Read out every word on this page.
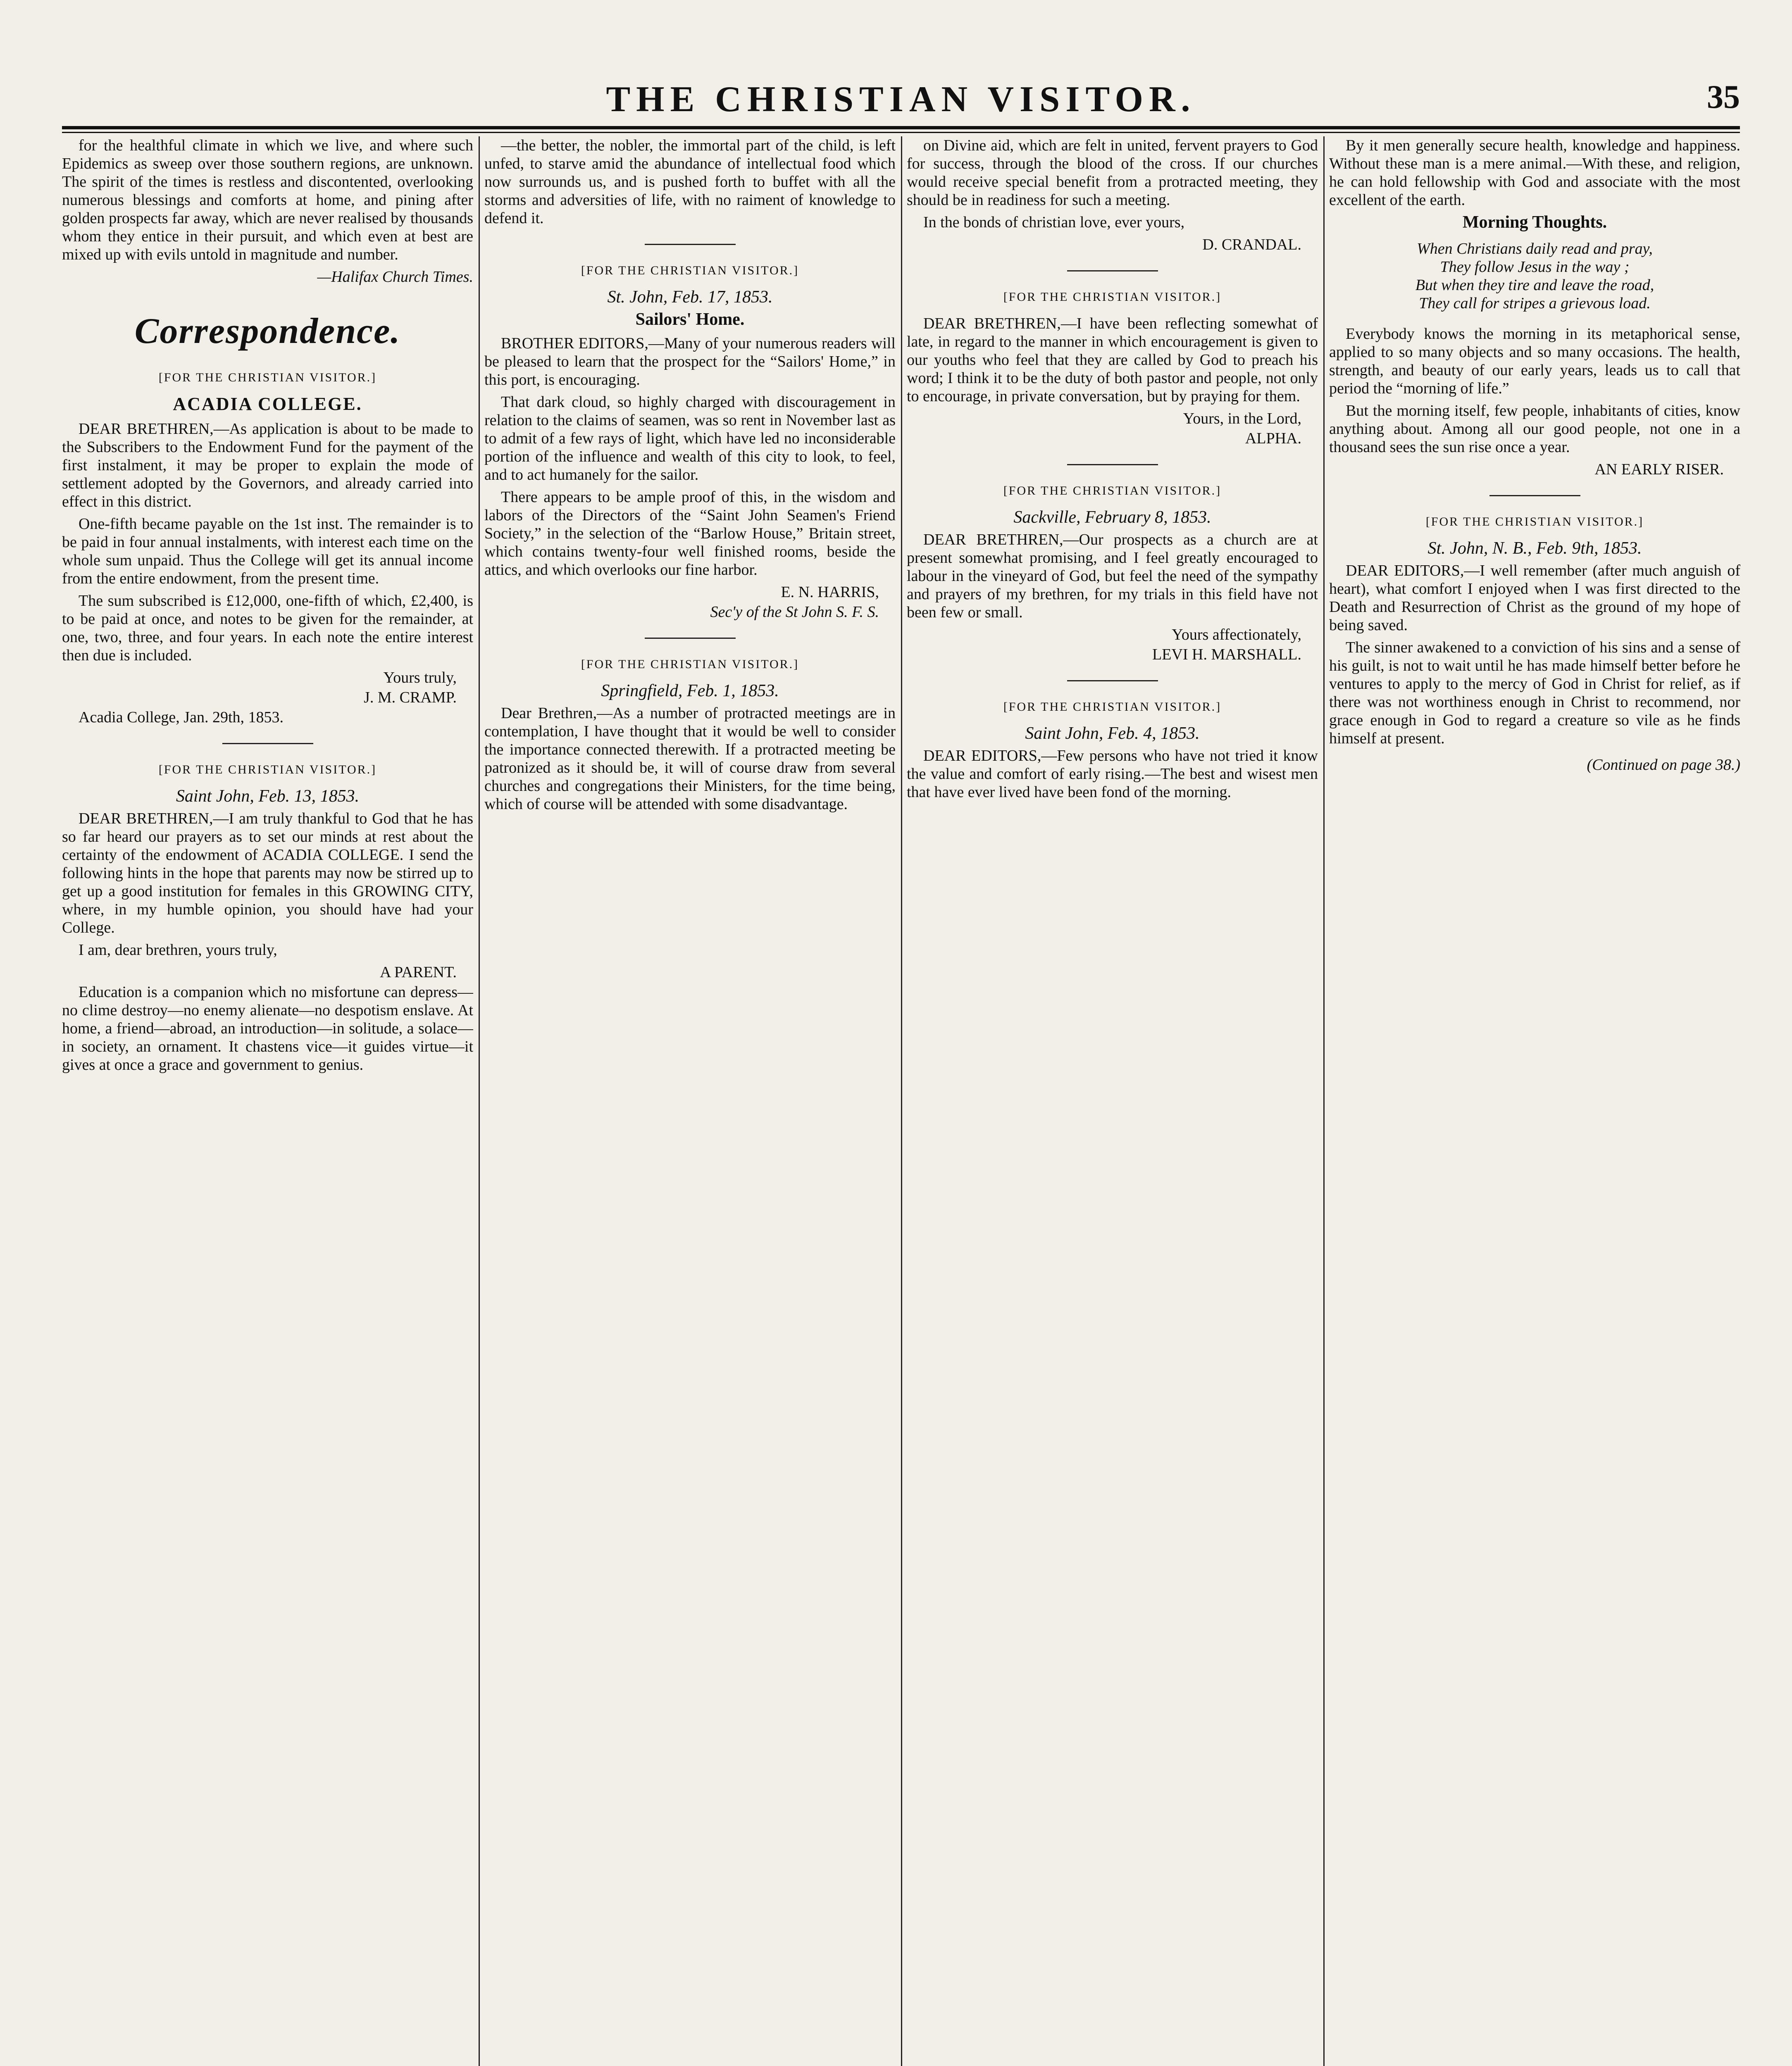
THE CHRISTIAN VISITOR.	35

for the healthful climate in which we live, and where such Epidemics as sweep over those southern regions, are unknown. The spirit of the times is restless and discontented, overlooking numerous blessings and comforts at home, and pining after golden prospects far away, which are never realised by thousands whom they entice in their pursuit, and which even at best are mixed up with evils untold in magnitude and number.

—Halifax Church Times.
Correspondence.
[FOR THE CHRISTIAN VISITOR.]
ACADIA COLLEGE.

DEAR BRETHREN,—As application is about to be made to the Subscribers to the Endowment Fund for the payment of the first instalment, it may be proper to explain the mode of settlement adopted by the Governors, and already carried into effect in this district.

One-fifth became payable on the 1st inst. The remainder is to be paid in four annual instalments, with interest each time on the whole sum unpaid. Thus the College will get its annual income from the entire endowment, from the present time.

The sum subscribed is £12,000, one-fifth of which, £2,400, is to be paid at once, and notes to be given for the remainder, at one, two, three, and four years. In each note the entire interest then due is included.

Yours truly,
J. M. CRAMP.

Acadia College, Jan. 29th, 1853.

[FOR THE CHRISTIAN VISITOR.]
Saint John, Feb. 13, 1853.

DEAR BRETHREN,—I am truly thankful to God that he has so far heard our prayers as to set our minds at rest about the certainty of the endowment of ACADIA COLLEGE. I send the following hints in the hope that parents may now be stirred up to get up a good institution for females in this GROWING CITY, where, in my humble opinion, you should have had your College.

I am, dear brethren, yours truly,

A PARENT.

Education is a companion which no misfortune can depress—no clime destroy—no enemy alienate—no despotism enslave. At home, a friend—abroad, an introduction—in solitude, a solace—in society, an ornament. It chastens vice—it guides virtue—it gives at once a grace and government to genius.

—the better, the nobler, the immortal part of the child, is left unfed, to starve amid the abundance of intellectual food which now surrounds us, and is pushed forth to buffet with all the storms and adversities of life, with no raiment of knowledge to defend it.

[FOR THE CHRISTIAN VISITOR.]
St. John, Feb. 17, 1853.
Sailors' Home.

BROTHER EDITORS,—Many of your numerous readers will be pleased to learn that the prospect for the “Sailors' Home,” in this port, is encouraging.

That dark cloud, so highly charged with discouragement in relation to the claims of seamen, was so rent in November last as to admit of a few rays of light, which have led no inconsiderable portion of the influence and wealth of this city to look, to feel, and to act humanely for the sailor.

There appears to be ample proof of this, in the wisdom and labors of the Directors of the “Saint John Seamen's Friend Society,” in the selection of the “Barlow House,” Britain street, which contains twenty-four well finished rooms, beside the attics, and which overlooks our fine harbor.

E. N. HARRIS,
Sec'y of the St John S. F. S.
[FOR THE CHRISTIAN VISITOR.]
Springfield, Feb. 1, 1853.

Dear Brethren,—As a number of protracted meetings are in contemplation, I have thought that it would be well to consider the importance connected therewith. If a protracted meeting be patronized as it should be, it will of course draw from several churches and congregations their Ministers, for the time being, which of course will be attended with some disadvantage.

on Divine aid, which are felt in united, fervent prayers to God for success, through the blood of the cross. If our churches would receive special benefit from a protracted meeting, they should be in readiness for such a meeting.

In the bonds of christian love, ever yours,

D. CRANDAL.
[FOR THE CHRISTIAN VISITOR.]

DEAR BRETHREN,—I have been reflecting somewhat of late, in regard to the manner in which encouragement is given to our youths who feel that they are called by God to preach his word; I think it to be the duty of both pastor and people, not only to encourage, in private conversation, but by praying for them.

Yours, in the Lord,
ALPHA.
[FOR THE CHRISTIAN VISITOR.]
Sackville, February 8, 1853.

DEAR BRETHREN,—Our prospects as a church are at present somewhat promising, and I feel greatly encouraged to labour in the vineyard of God, but feel the need of the sympathy and prayers of my brethren, for my trials in this field have not been few or small.

Yours affectionately,
LEVI H. MARSHALL.
[FOR THE CHRISTIAN VISITOR.]
Saint John, Feb. 4, 1853.

DEAR EDITORS,—Few persons who have not tried it know the value and comfort of early rising.—The best and wisest men that have ever lived have been fond of the morning.

By it men generally secure health, knowledge and happiness. Without these man is a mere animal.—With these, and religion, he can hold fellowship with God and associate with the most excellent of the earth.

Morning Thoughts.
When Christians daily read and pray,
They follow Jesus in the way ;
But when they tire and leave the road,
They call for stripes a grievous load.

Everybody knows the morning in its metaphorical sense, applied to so many objects and so many occasions. The health, strength, and beauty of our early years, leads us to call that period the “morning of life.”

But the morning itself, few people, inhabitants of cities, know anything about. Among all our good people, not one in a thousand sees the sun rise once a year.

AN EARLY RISER.
[FOR THE CHRISTIAN VISITOR.]
St. John, N. B., Feb. 9th, 1853.

DEAR EDITORS,—I well remember (after much anguish of heart), what comfort I enjoyed when I was first directed to the Death and Resurrection of Christ as the ground of my hope of being saved.

The sinner awakened to a conviction of his sins and a sense of his guilt, is not to wait until he has made himself better before he ventures to apply to the mercy of God in Christ for relief, as if there was not worthiness enough in Christ to recommend, nor grace enough in God to regard a creature so vile as he finds himself at present.

(Continued on page 38.)
